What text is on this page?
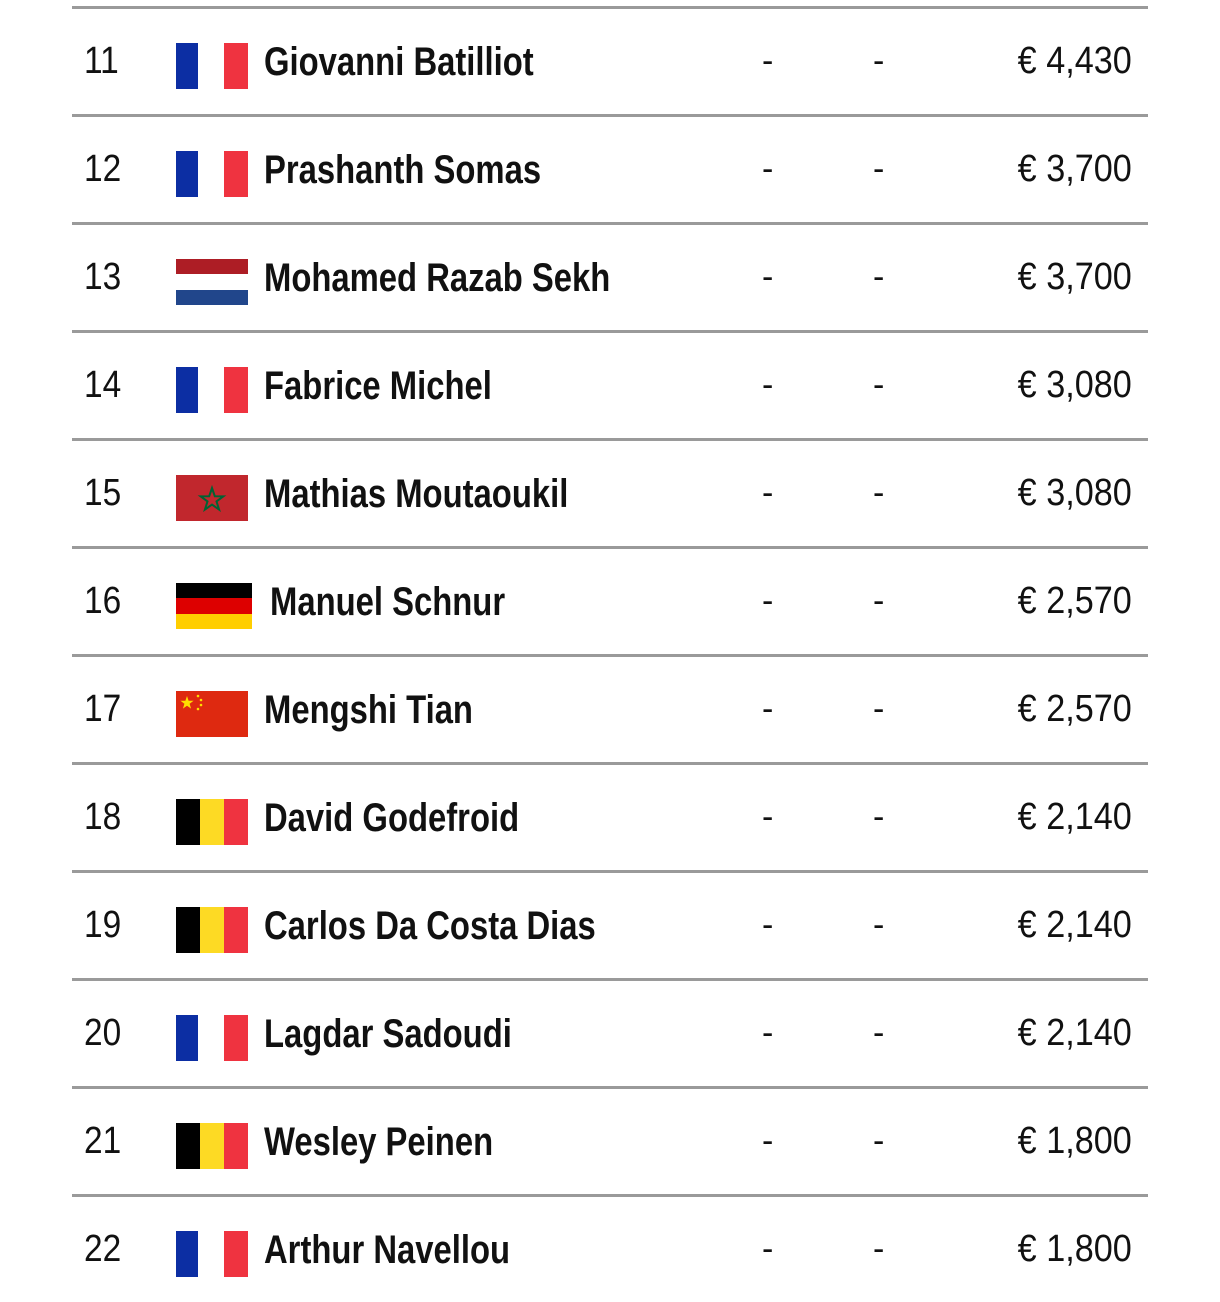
11	Giovanni Batilliot	-	-	€ 4,430
12	Prashanth Somas	-	-	€ 3,700
13	Mohamed Razab Sekh	-	-	€ 3,700
14	Fabrice Michel	-	-	€ 3,080
15	Mathias Moutaoukil	-	-	€ 3,080
16	Manuel Schnur	-	-	€ 2,570
17	Mengshi Tian	-	-	€ 2,570
18	David Godefroid	-	-	€ 2,140
19	Carlos Da Costa Dias	-	-	€ 2,140
20	Lagdar Sadoudi	-	-	€ 2,140
21	Wesley Peinen	-	-	€ 1,800
22	Arthur Navellou	-	-	€ 1,800
